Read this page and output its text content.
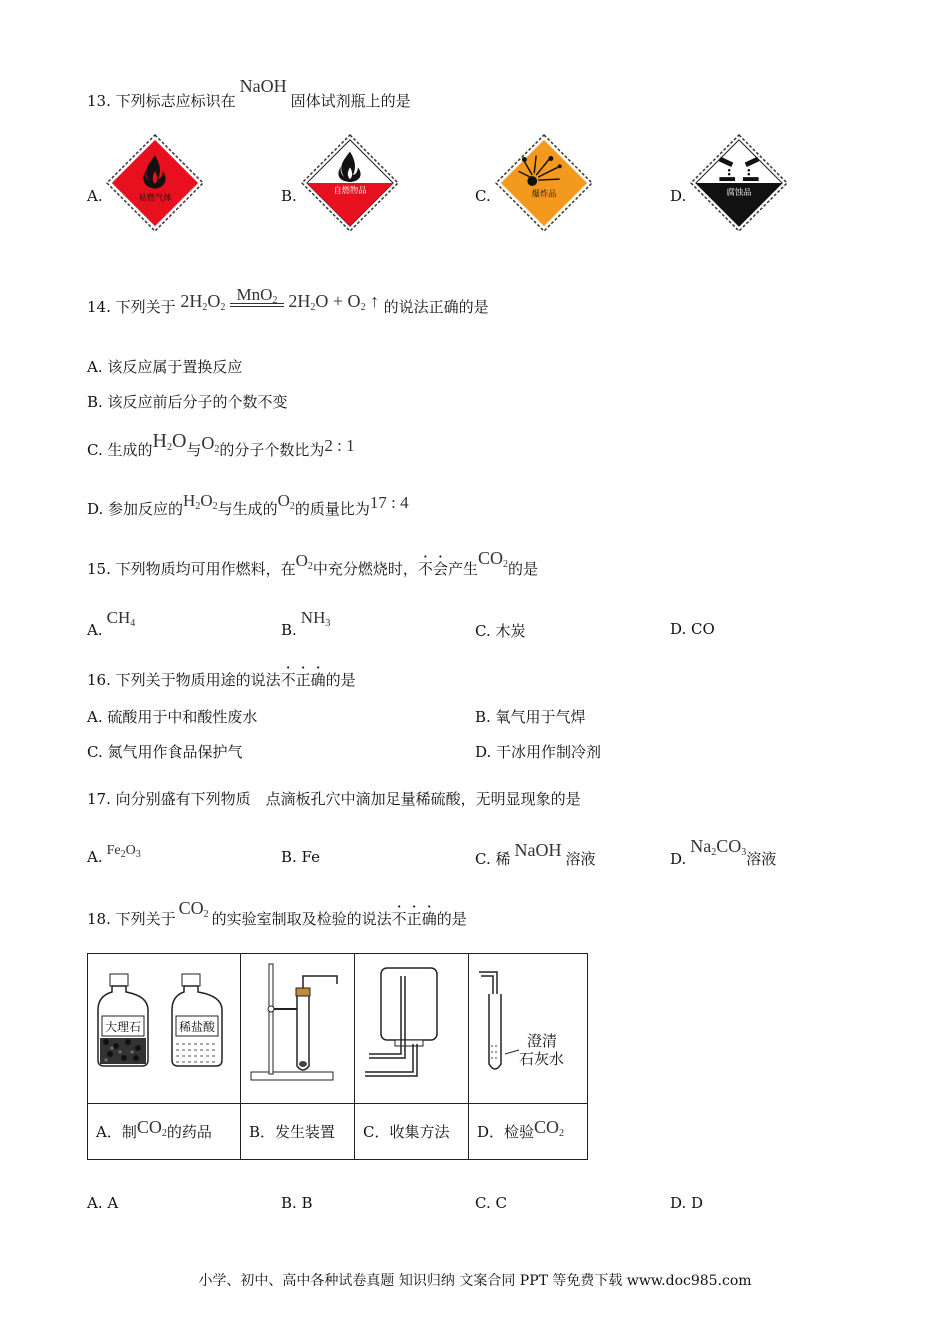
13. 下列标志应标识在NaOH固体试剂瓶上的是
A.	易燃气体	B.	自燃物品	C.	爆炸品	D.	腐蚀品
14. 下列关于 $2H_2O_2$
MnO$_2$ $2H_2O + O_2$ ↑ 的说法正确的是
A. 该反应属于置换反应
B. 该反应前后分子的个数不变
C. 生成的$H_2O$与$O_2$的分子个数比为2 : 1
D. 参加反应的$H_2O_2$与生成的$O_2$的质量比为17 : 4
15. 下列物质均可用作燃料，在$O_2$中充分燃烧时，不会产生$CO_2$的是
$A.CH_4$	$B.NH_3$	C. 木炭	D. CO
16. 下列关于物质用途的说法不正确的是
A. 硫酸用于中和酸性废水	B. 氧气用于气焊
C. 氮气用作食品保护气	D. 干冰用作制冷剂
17. 向分别盛有下列物质　点滴板孔穴中滴加足量稀硫酸，无明显现象的是
A. $Fe_2O_3$	B. Fe	C. 稀 NaOH 溶液	$D.Na_2CO_3$溶液
18. 下列关于$CO_2$ 的实验室制取及检验的说法不正确的是
大理石 稀盐酸			澄清
石灰水

A．制$CO_2$的药品	B．发生装置	C．收集方法	D．检验$CO_2$
A. A	B. B	C. C	D. D
小学、初中、高中各种试卷真题 知识归纳 文案合同 PPT 等免费下载 www.doc985.com
